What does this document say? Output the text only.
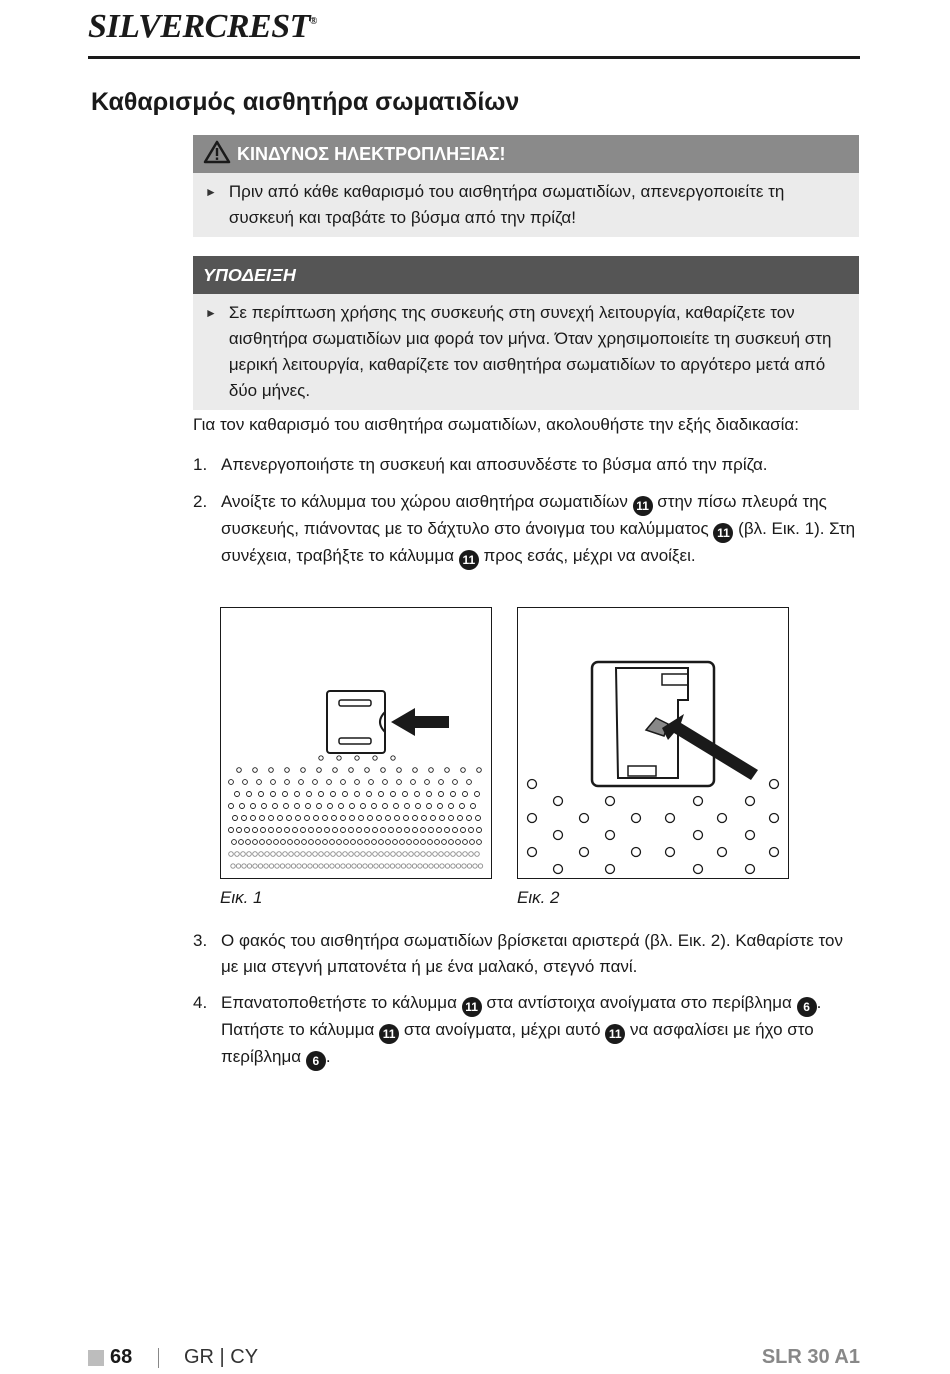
SILVERCREST®
Καθαρισμός αισθητήρα σωματιδίων
ΚΙΝΔΥΝΟΣ ΗΛΕΚΤΡΟΠΛΗΞΙΑΣ!
► Πριν από κάθε καθαρισμό του αισθητήρα σωματιδίων, απενεργοποιείτε τη συσκευή και τραβάτε το βύσμα από την πρίζα!
ΥΠΟΔΕΙΞΗ
► Σε περίπτωση χρήσης της συσκευής στη συνεχή λειτουργία, καθαρίζετε τον αισθητήρα σωματιδίων μια φορά τον μήνα. Όταν χρησιμοποιείτε τη συσκευή στη μερική λειτουργία, καθαρίζετε τον αισθητήρα σωματιδίων το αργότερο μετά από δύο μήνες.

Για τον καθαρισμό του αισθητήρα σωματιδίων, ακολουθήστε την εξής διαδικασία:

1. Απενεργοποιήστε τη συσκευή και αποσυνδέστε το βύσμα από την πρίζα.
2. Ανοίξτε το κάλυμμα του χώρου αισθητήρα σωματιδίων 11 στην πίσω πλευρά της συσκευής, πιάνοντας με το δάχτυλο στο άνοιγμα του καλύμματος 11 (βλ. Εικ. 1). Στη συνέχεια, τραβήξτε το κάλυμμα 11 προς εσάς, μέχρι να ανοίξει.
Εικ. 1	Εικ. 2
3. Ο φακός του αισθητήρα σωματιδίων βρίσκεται αριστερά (βλ. Εικ. 2). Καθαρίστε τον με μια στεγνή μπατονέτα ή με ένα μαλακό, στεγνό πανί.
4. Επανατοποθετήστε το κάλυμμα 11 στα αντίστοιχα ανοίγματα στο περίβλημα 6 . Πατήστε το κάλυμμα 11 στα ανοίγματα, μέχρι αυτό 11 να ασφαλίσει με ήχο στο περίβλημα 6 .
68	GR | CY	SLR 30 A1
